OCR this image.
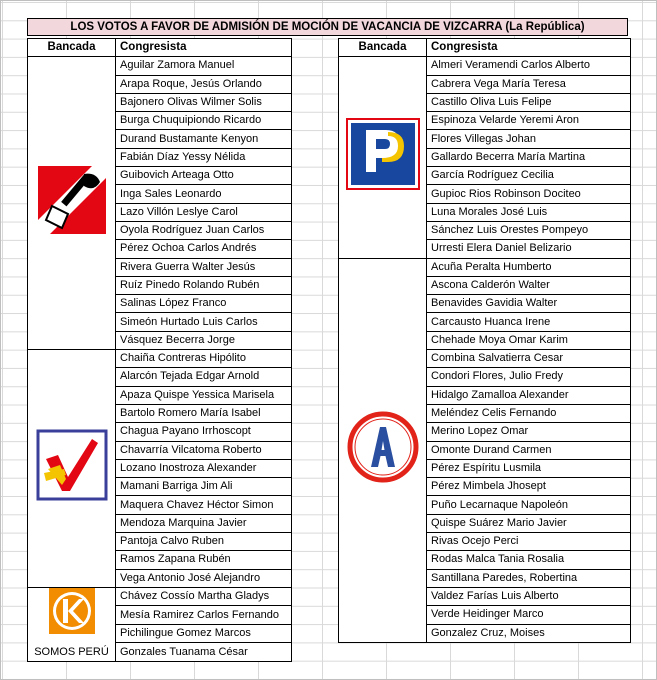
LOS VOTOS A FAVOR DE ADMISIÓN DE MOCIÓN DE VACANCIA DE VIZCARRA (La República)
Bancada	Congresista
	Aguilar Zamora Manuel
	Arapa Roque, Jesús Orlando
	Bajonero Olivas Wilmer Solis
	Burga Chuquipiondo Ricardo
	Durand Bustamante Kenyon
	Fabián Díaz Yessy Nélida
	Guibovich Arteaga Otto
	Inga Sales Leonardo
	Lazo Villón Leslye Carol
	Oyola Rodríguez Juan Carlos
	Pérez Ochoa Carlos Andrés
	Rivera Guerra Walter Jesús
	Ruíz Pinedo Rolando Rubén
	Salinas López Franco
	Simeón Hurtado Luis Carlos
	Vásquez Becerra Jorge
	Chaiña Contreras Hipólito
	Alarcón Tejada Edgar Arnold
	Apaza Quispe Yessica Marisela
	Bartolo Romero María Isabel
	Chagua Payano Irrhoscopt
	Chavarría Vilcatoma Roberto
	Lozano Inostroza Alexander
	Mamani Barriga Jim Ali
	Maquera Chavez Héctor Simon
	Mendoza Marquina Javier
	Pantoja Calvo Ruben
	Ramos Zapana Rubén
	Vega Antonio José Alejandro

SOMOS PERÚ	Chávez Cossío Martha Gladys
	Mesía Ramirez Carlos Fernando
	Pichilingue Gomez Marcos
	Gonzales Tuanama César
Bancada	Congresista
	Almeri Veramendi Carlos Alberto
	Cabrera Vega María Teresa
	Castillo Oliva Luis Felipe
	Espinoza Velarde Yeremi Aron
	Flores Villegas Johan
	Gallardo Becerra María Martina
	García Rodríguez Cecilia
	Gupioc Rios Robinson Dociteo
	Luna Morales José Luis
	Sánchez Luis Orestes Pompeyo
	Urresti Elera Daniel Belizario
	Acuña Peralta Humberto
	Ascona Calderón Walter
	Benavides Gavidia Walter
	Carcausto Huanca Irene
	Chehade Moya Omar Karim
	Combina Salvatierra Cesar
	Condori Flores, Julio Fredy
	Hidalgo Zamalloa Alexander
	Meléndez Celis Fernando
	Merino Lopez Omar
	Omonte Durand Carmen
	Pérez Espíritu Lusmila
	Pérez Mimbela Jhosept
	Puño Lecarnaque Napoleón
	Quispe Suárez Mario Javier
	Rivas Ocejo Perci
	Rodas Malca Tania Rosalia
	Santillana Paredes, Robertina
	Valdez Farías Luis Alberto
	Verde Heidinger Marco
	Gonzalez Cruz, Moises
